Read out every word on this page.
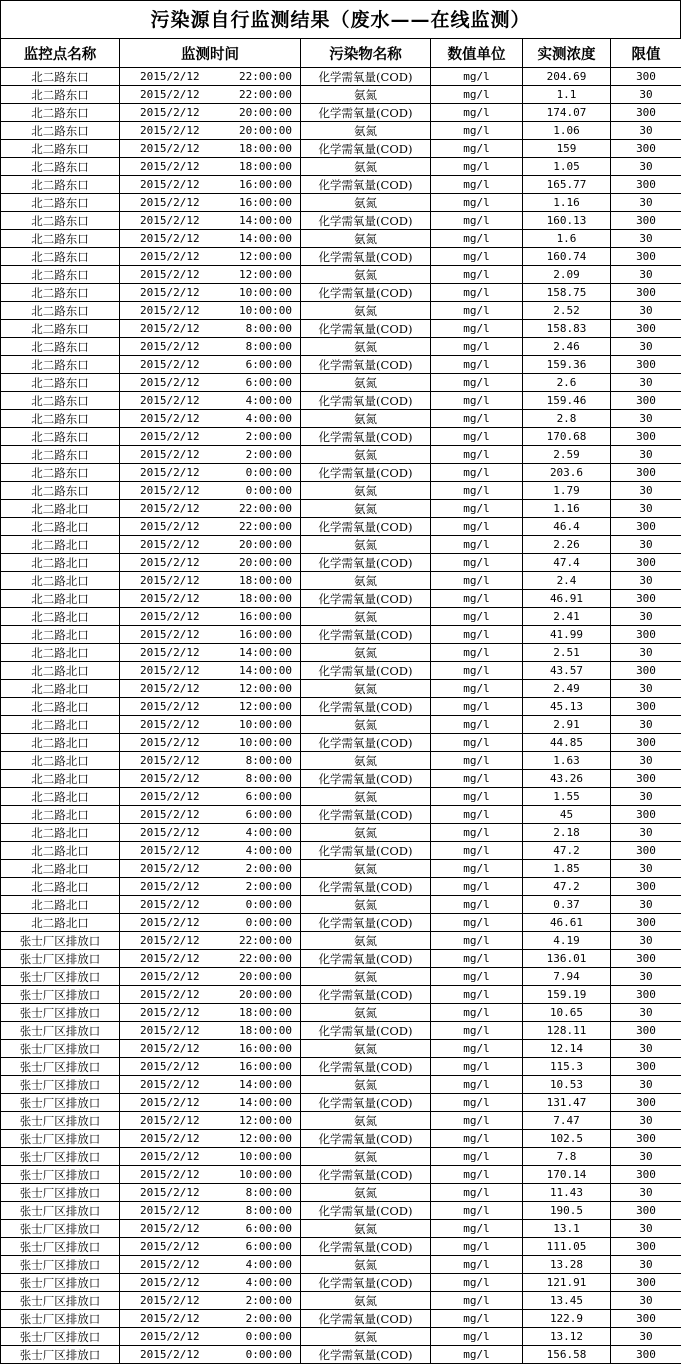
污染源自行监测结果（废水——在线监测）
监控点名称	监测时间	污染物名称	数值单位	实测浓度	限值
北二路东口	2015/2/12 22:00:00	化学需氧量(COD)	mg/l	204.69	300
北二路东口	2015/2/12 22:00:00	氨氮	mg/l	1.1	30
北二路东口	2015/2/12 20:00:00	化学需氧量(COD)	mg/l	174.07	300
北二路东口	2015/2/12 20:00:00	氨氮	mg/l	1.06	30
北二路东口	2015/2/12 18:00:00	化学需氧量(COD)	mg/l	159	300
北二路东口	2015/2/12 18:00:00	氨氮	mg/l	1.05	30
北二路东口	2015/2/12 16:00:00	化学需氧量(COD)	mg/l	165.77	300
北二路东口	2015/2/12 16:00:00	氨氮	mg/l	1.16	30
北二路东口	2015/2/12 14:00:00	化学需氧量(COD)	mg/l	160.13	300
北二路东口	2015/2/12 14:00:00	氨氮	mg/l	1.6	30
北二路东口	2015/2/12 12:00:00	化学需氧量(COD)	mg/l	160.74	300
北二路东口	2015/2/12 12:00:00	氨氮	mg/l	2.09	30
北二路东口	2015/2/12 10:00:00	化学需氧量(COD)	mg/l	158.75	300
北二路东口	2015/2/12 10:00:00	氨氮	mg/l	2.52	30
北二路东口	2015/2/12 8:00:00	化学需氧量(COD)	mg/l	158.83	300
北二路东口	2015/2/12 8:00:00	氨氮	mg/l	2.46	30
北二路东口	2015/2/12 6:00:00	化学需氧量(COD)	mg/l	159.36	300
北二路东口	2015/2/12 6:00:00	氨氮	mg/l	2.6	30
北二路东口	2015/2/12 4:00:00	化学需氧量(COD)	mg/l	159.46	300
北二路东口	2015/2/12 4:00:00	氨氮	mg/l	2.8	30
北二路东口	2015/2/12 2:00:00	化学需氧量(COD)	mg/l	170.68	300
北二路东口	2015/2/12 2:00:00	氨氮	mg/l	2.59	30
北二路东口	2015/2/12 0:00:00	化学需氧量(COD)	mg/l	203.6	300
北二路东口	2015/2/12 0:00:00	氨氮	mg/l	1.79	30
北二路北口	2015/2/12 22:00:00	氨氮	mg/l	1.16	30
北二路北口	2015/2/12 22:00:00	化学需氧量(COD)	mg/l	46.4	300
北二路北口	2015/2/12 20:00:00	氨氮	mg/l	2.26	30
北二路北口	2015/2/12 20:00:00	化学需氧量(COD)	mg/l	47.4	300
北二路北口	2015/2/12 18:00:00	氨氮	mg/l	2.4	30
北二路北口	2015/2/12 18:00:00	化学需氧量(COD)	mg/l	46.91	300
北二路北口	2015/2/12 16:00:00	氨氮	mg/l	2.41	30
北二路北口	2015/2/12 16:00:00	化学需氧量(COD)	mg/l	41.99	300
北二路北口	2015/2/12 14:00:00	氨氮	mg/l	2.51	30
北二路北口	2015/2/12 14:00:00	化学需氧量(COD)	mg/l	43.57	300
北二路北口	2015/2/12 12:00:00	氨氮	mg/l	2.49	30
北二路北口	2015/2/12 12:00:00	化学需氧量(COD)	mg/l	45.13	300
北二路北口	2015/2/12 10:00:00	氨氮	mg/l	2.91	30
北二路北口	2015/2/12 10:00:00	化学需氧量(COD)	mg/l	44.85	300
北二路北口	2015/2/12 8:00:00	氨氮	mg/l	1.63	30
北二路北口	2015/2/12 8:00:00	化学需氧量(COD)	mg/l	43.26	300
北二路北口	2015/2/12 6:00:00	氨氮	mg/l	1.55	30
北二路北口	2015/2/12 6:00:00	化学需氧量(COD)	mg/l	45	300
北二路北口	2015/2/12 4:00:00	氨氮	mg/l	2.18	30
北二路北口	2015/2/12 4:00:00	化学需氧量(COD)	mg/l	47.2	300
北二路北口	2015/2/12 2:00:00	氨氮	mg/l	1.85	30
北二路北口	2015/2/12 2:00:00	化学需氧量(COD)	mg/l	47.2	300
北二路北口	2015/2/12 0:00:00	氨氮	mg/l	0.37	30
北二路北口	2015/2/12 0:00:00	化学需氧量(COD)	mg/l	46.61	300
张士厂区排放口	2015/2/12 22:00:00	氨氮	mg/l	4.19	30
张士厂区排放口	2015/2/12 22:00:00	化学需氧量(COD)	mg/l	136.01	300
张士厂区排放口	2015/2/12 20:00:00	氨氮	mg/l	7.94	30
张士厂区排放口	2015/2/12 20:00:00	化学需氧量(COD)	mg/l	159.19	300
张士厂区排放口	2015/2/12 18:00:00	氨氮	mg/l	10.65	30
张士厂区排放口	2015/2/12 18:00:00	化学需氧量(COD)	mg/l	128.11	300
张士厂区排放口	2015/2/12 16:00:00	氨氮	mg/l	12.14	30
张士厂区排放口	2015/2/12 16:00:00	化学需氧量(COD)	mg/l	115.3	300
张士厂区排放口	2015/2/12 14:00:00	氨氮	mg/l	10.53	30
张士厂区排放口	2015/2/12 14:00:00	化学需氧量(COD)	mg/l	131.47	300
张士厂区排放口	2015/2/12 12:00:00	氨氮	mg/l	7.47	30
张士厂区排放口	2015/2/12 12:00:00	化学需氧量(COD)	mg/l	102.5	300
张士厂区排放口	2015/2/12 10:00:00	氨氮	mg/l	7.8	30
张士厂区排放口	2015/2/12 10:00:00	化学需氧量(COD)	mg/l	170.14	300
张士厂区排放口	2015/2/12 8:00:00	氨氮	mg/l	11.43	30
张士厂区排放口	2015/2/12 8:00:00	化学需氧量(COD)	mg/l	190.5	300
张士厂区排放口	2015/2/12 6:00:00	氨氮	mg/l	13.1	30
张士厂区排放口	2015/2/12 6:00:00	化学需氧量(COD)	mg/l	111.05	300
张士厂区排放口	2015/2/12 4:00:00	氨氮	mg/l	13.28	30
张士厂区排放口	2015/2/12 4:00:00	化学需氧量(COD)	mg/l	121.91	300
张士厂区排放口	2015/2/12 2:00:00	氨氮	mg/l	13.45	30
张士厂区排放口	2015/2/12 2:00:00	化学需氧量(COD)	mg/l	122.9	300
张士厂区排放口	2015/2/12 0:00:00	氨氮	mg/l	13.12	30
张士厂区排放口	2015/2/12 0:00:00	化学需氧量(COD)	mg/l	156.58	300
